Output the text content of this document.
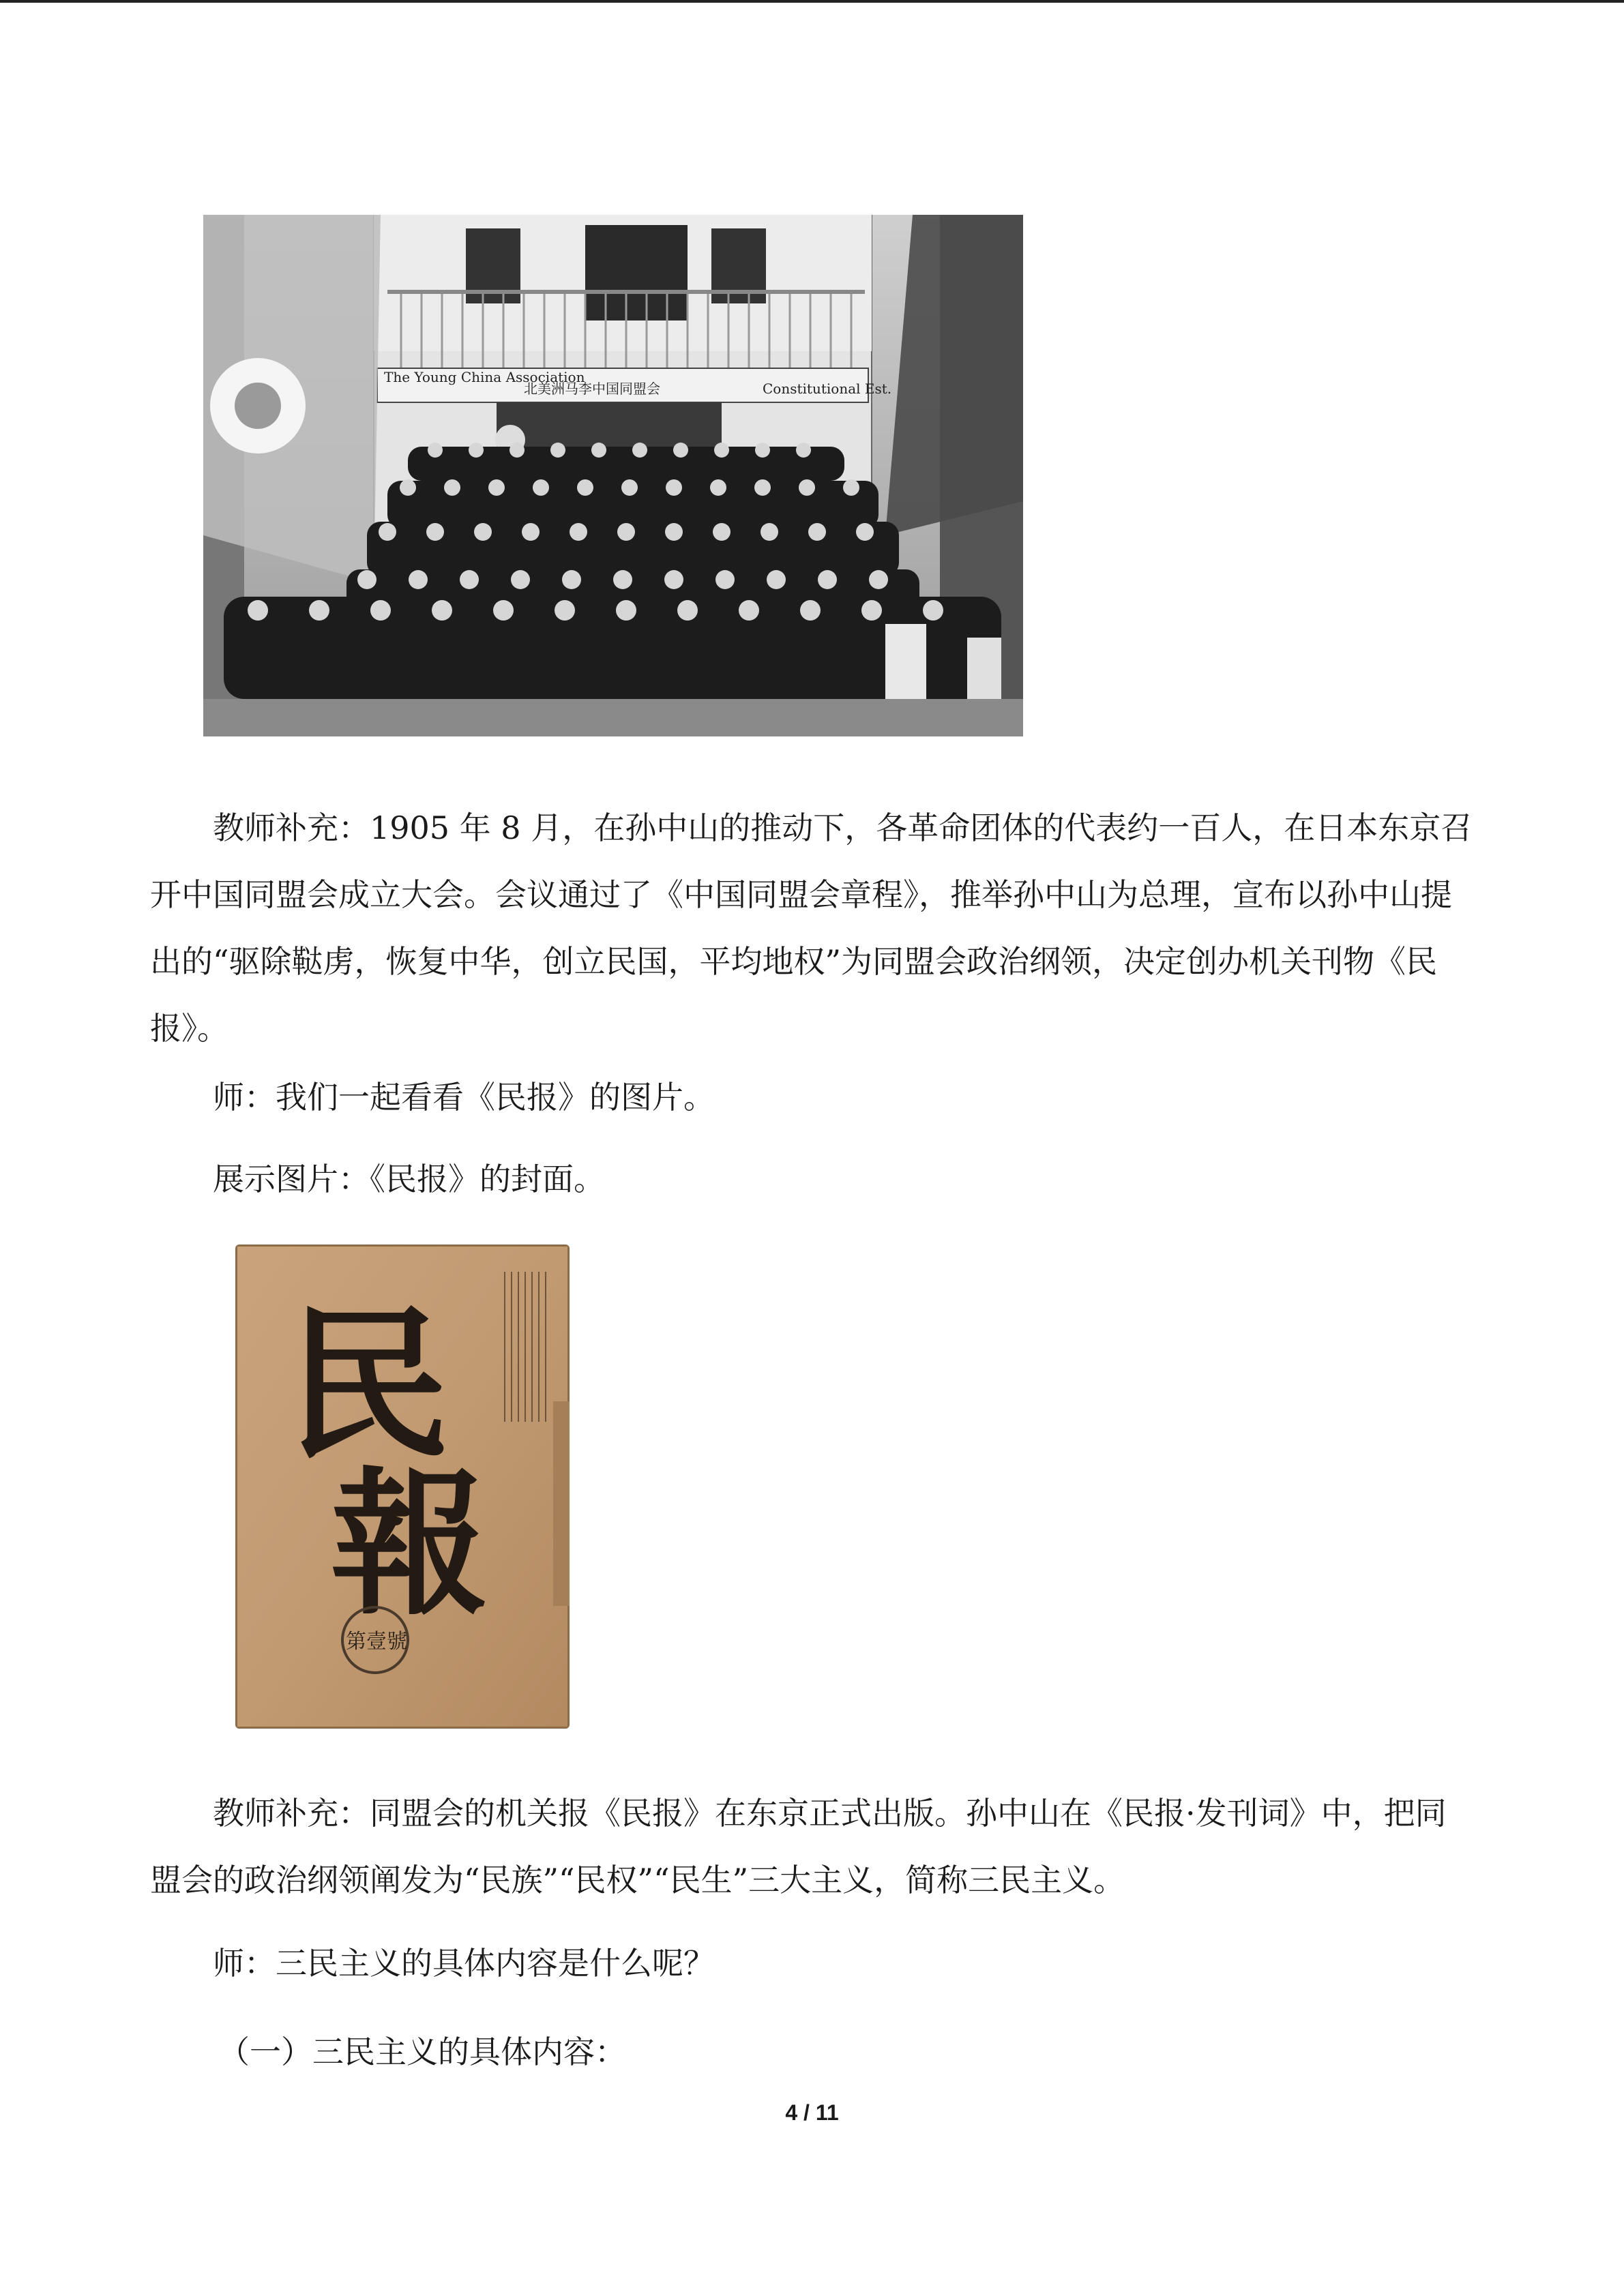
The Young China Association
北美洲马李中国同盟会	Constitutional Est.

教师补充：1905 年 8 月，在孙中山的推动下，各革命团体的代表约一百人，在日本东京召开中国同盟会成立大会。会议通过了《中国同盟会章程》，推举孙中山为总理，宣布以孙中山提出的“驱除鞑虏，恢复中华，创立民国，平均地权”为同盟会政治纲领，决定创办机关刊物《民报》。

师：我们一起看看《民报》的图片。

展示图片：《民报》的封面。

民
報
第壹號

教师补充：同盟会的机关报《民报》在东京正式出版。孙中山在《民报·发刊词》中，把同盟会的政治纲领阐发为“民族”“民权”“民生”三大主义，简称三民主义。

师：三民主义的具体内容是什么呢？

（一）三民主义的具体内容：

4 / 11
